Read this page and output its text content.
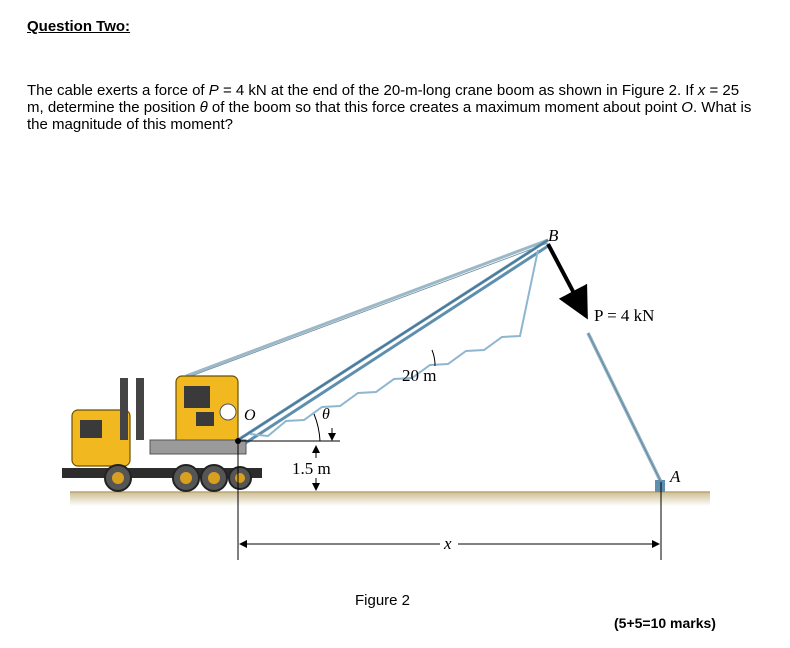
Question Two:

The cable exerts a force of P = 4 kN at the end of the 20-m-long crane boom as shown in Figure 2. If x = 25 m, determine the position θ of the boom so that this force creates a maximum moment about point O. What is the magnitude of this moment?

B
P = 4 kN
20 m
θ
O
1.5 m	A
x
Figure 2
(5+5=10 marks)
